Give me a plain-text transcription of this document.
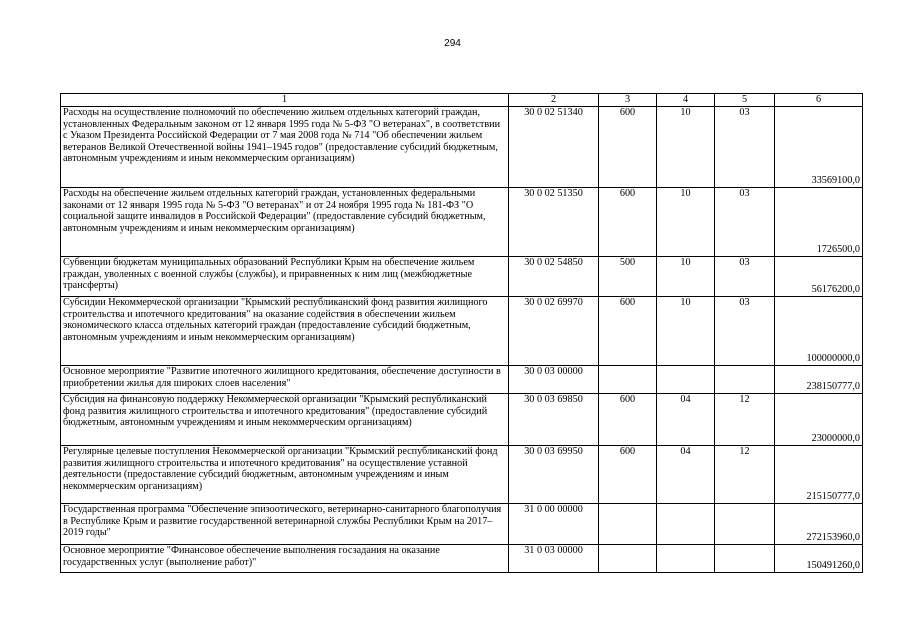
294
1	2	3	4	5	6
Расходы на осуществление полномочий по обеспечению жильем отдельных категорий граждан, установленных Федеральным законом от 12 января 1995 года № 5-ФЗ "О ветеранах", в соответствии с Указом Президента Российской Федерации от 7 мая 2008 года № 714 "Об обеспечении жильем ветеранов Великой Отечественной войны 1941–1945 годов" (предоставление субсидий бюджетным, автономным учреждениям и иным некоммерческим организациям)	30 0 02 51340	600	10	03	33569100,0
Расходы на обеспечение жильем отдельных категорий граждан, установленных федеральными законами от 12 января 1995 года № 5-ФЗ "О ветеранах" и от 24 ноября 1995 года № 181-ФЗ "О социальной защите инвалидов в Российской Федерации" (предоставление субсидий бюджетным, автономным учреждениям и иным некоммерческим организациям)	30 0 02 51350	600	10	03	1726500,0
Субвенции бюджетам муниципальных образований Республики Крым на обеспечение жильем граждан, уволенных с военной службы (службы), и приравненных к ним лиц (межбюджетные трансферты)	30 0 02 54850	500	10	03	56176200,0
Субсидии Некоммерческой организации "Крымский республиканский фонд развития жилищного строительства и ипотечного кредитования" на оказание содействия в обеспечении жильем экономического класса отдельных категорий граждан (предоставление субсидий бюджетным, автономным учреждениям и иным некоммерческим организациям)	30 0 02 69970	600	10	03	100000000,0
Основное мероприятие "Развитие ипотечного жилищного кредитования, обеспечение доступности в приобретении жилья для широких слоев населения"	30 0 03 00000				238150777,0
Субсидия на финансовую поддержку Некоммерческой организации "Крымский республиканский фонд развития жилищного строительства и ипотечного кредитования" (предоставление субсидий бюджетным, автономным учреждениям и иным некоммерческим организациям)	30 0 03 69850	600	04	12	23000000,0
Регулярные целевые поступления Некоммерческой организации "Крымский республиканский фонд развития жилищного строительства и ипотечного кредитования" на осуществление уставной деятельности (предоставление субсидий бюджетным, автономным учреждениям и иным некоммерческим организациям)	30 0 03 69950	600	04	12	215150777,0
Государственная программа "Обеспечение эпизоотического, ветеринарно-санитарного благополучия в Республике Крым и развитие государственной ветеринарной службы Республики Крым на 2017–2019 годы"	31 0 00 00000				272153960,0
Основное мероприятие "Финансовое обеспечение выполнения госзадания на оказание государственных услуг (выполнение работ)"	31 0 03 00000				150491260,0
